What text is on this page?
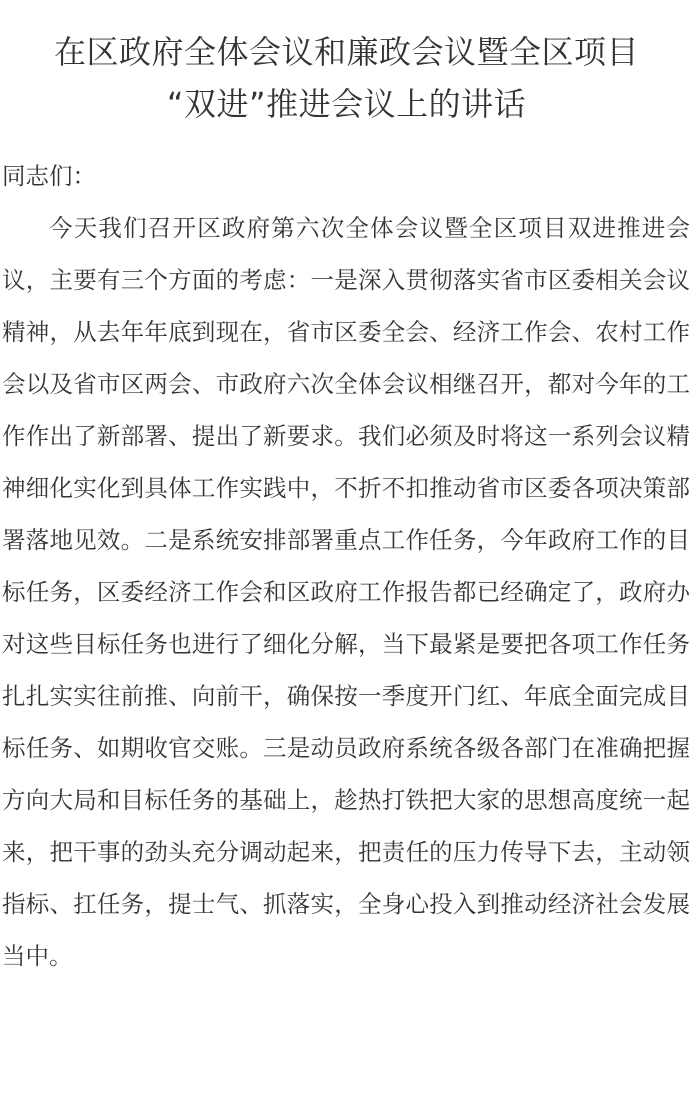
在区政府全体会议和廉政会议暨全区项目
“双进”推进会议上的讲话

同志们：

今天我们召开区政府第六次全体会议暨全区项目双进推进会议，主要有三个方面的考虑：一是深入贯彻落实省市区委相关会议精神，从去年年底到现在，省市区委全会、经济工作会、农村工作会以及省市区两会、市政府六次全体会议相继召开，都对今年的工作作出了新部署、提出了新要求。我们必须及时将这一系列会议精神细化实化到具体工作实践中，不折不扣推动省市区委各项决策部署落地见效。二是系统安排部署重点工作任务，今年政府工作的目标任务，区委经济工作会和区政府工作报告都已经确定了，政府办对这些目标任务也进行了细化分解，当下最紧是要把各项工作任务扎扎实实往前推、向前干，确保按一季度开门红、年底全面完成目标任务、如期收官交账。三是动员政府系统各级各部门在准确把握方向大局和目标任务的基础上，趁热打铁把大家的思想高度统一起来，把干事的劲头充分调动起来，把责任的压力传导下去，主动领指标、扛任务，提士气、抓落实，全身心投入到推动经济社会发展当中。
